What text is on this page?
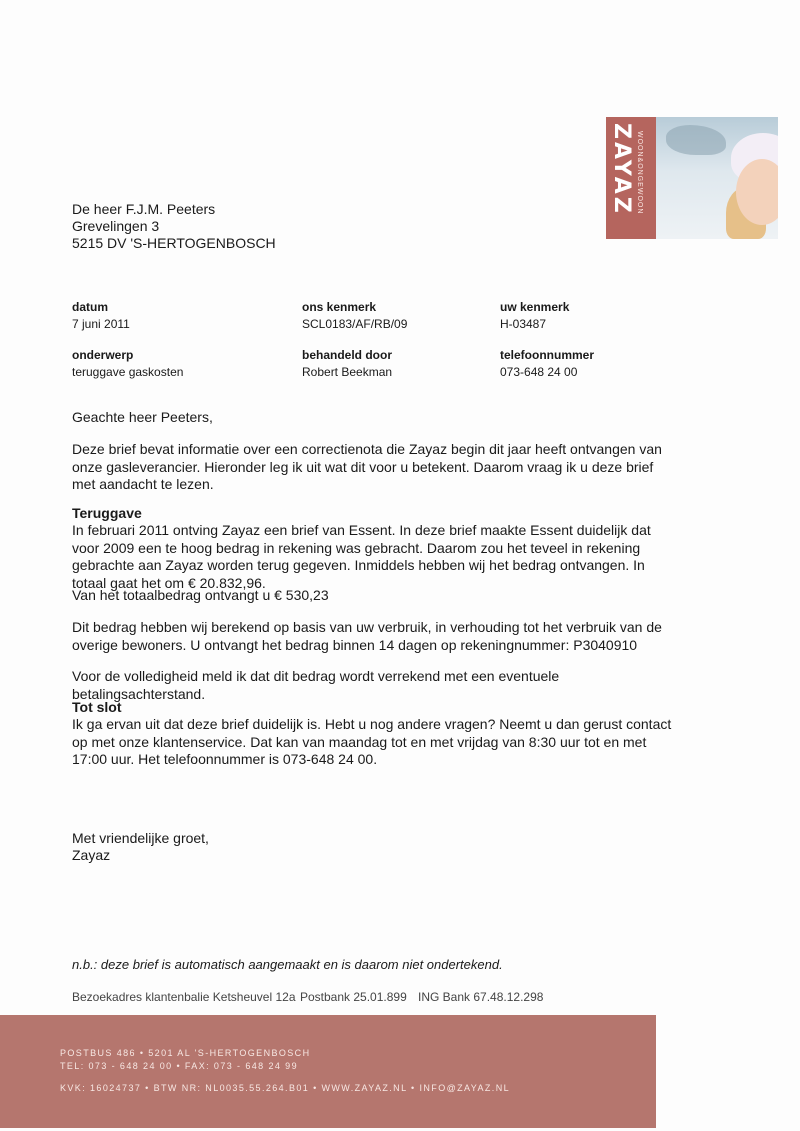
ZAYAZ WOON&ONGEWOON
De heer F.J.M. Peeters
Grevelingen 3
5215 DV 'S-HERTOGENBOSCH
datum
7 juni 2011
ons kenmerk
SCL0183/AF/RB/09
uw kenmerk
H-03487
onderwerp
teruggave gaskosten
behandeld door
Robert Beekman
telefoonnummer
073-648 24 00
Geachte heer Peeters,
Deze brief bevat informatie over een correctienota die Zayaz begin dit jaar heeft ontvangen van onze gasleverancier. Hieronder leg ik uit wat dit voor u betekent. Daarom vraag ik u deze brief met aandacht te lezen.
Teruggave
In februari 2011 ontving Zayaz een brief van Essent. In deze brief maakte Essent duidelijk dat voor 2009 een te hoog bedrag in rekening was gebracht. Daarom zou het teveel in rekening gebrachte aan Zayaz worden terug gegeven. Inmiddels hebben wij het bedrag ontvangen. In totaal gaat het om € 20.832,96.
Van het totaalbedrag ontvangt u € 530,23
Dit bedrag hebben wij berekend op basis van uw verbruik, in verhouding tot het verbruik van de overige bewoners. U ontvangt het bedrag binnen 14 dagen op rekeningnummer: P3040910
Voor de volledigheid meld ik dat dit bedrag wordt verrekend met een eventuele betalingsachterstand.
Tot slot
Ik ga ervan uit dat deze brief duidelijk is. Hebt u nog andere vragen? Neemt u dan gerust contact op met onze klantenservice. Dat kan van maandag tot en met vrijdag van 8:30 uur tot en met 17:00 uur. Het telefoonnummer is 073-648 24 00.
Met vriendelijke groet,
Zayaz
n.b.: deze brief is automatisch aangemaakt en is daarom niet ondertekend.
Bezoekadres klantenbalie Ketsheuvel 12a Postbank 25.01.899 ING Bank 67.48.12.298
POSTBUS 486 • 5201 AL 'S-HERTOGENBOSCH
TEL: 073 - 648 24 00 • FAX: 073 - 648 24 99
KVK: 16024737 • BTW NR: NL0035.55.264.B01 • WWW.ZAYAZ.NL • INFO@ZAYAZ.NL
